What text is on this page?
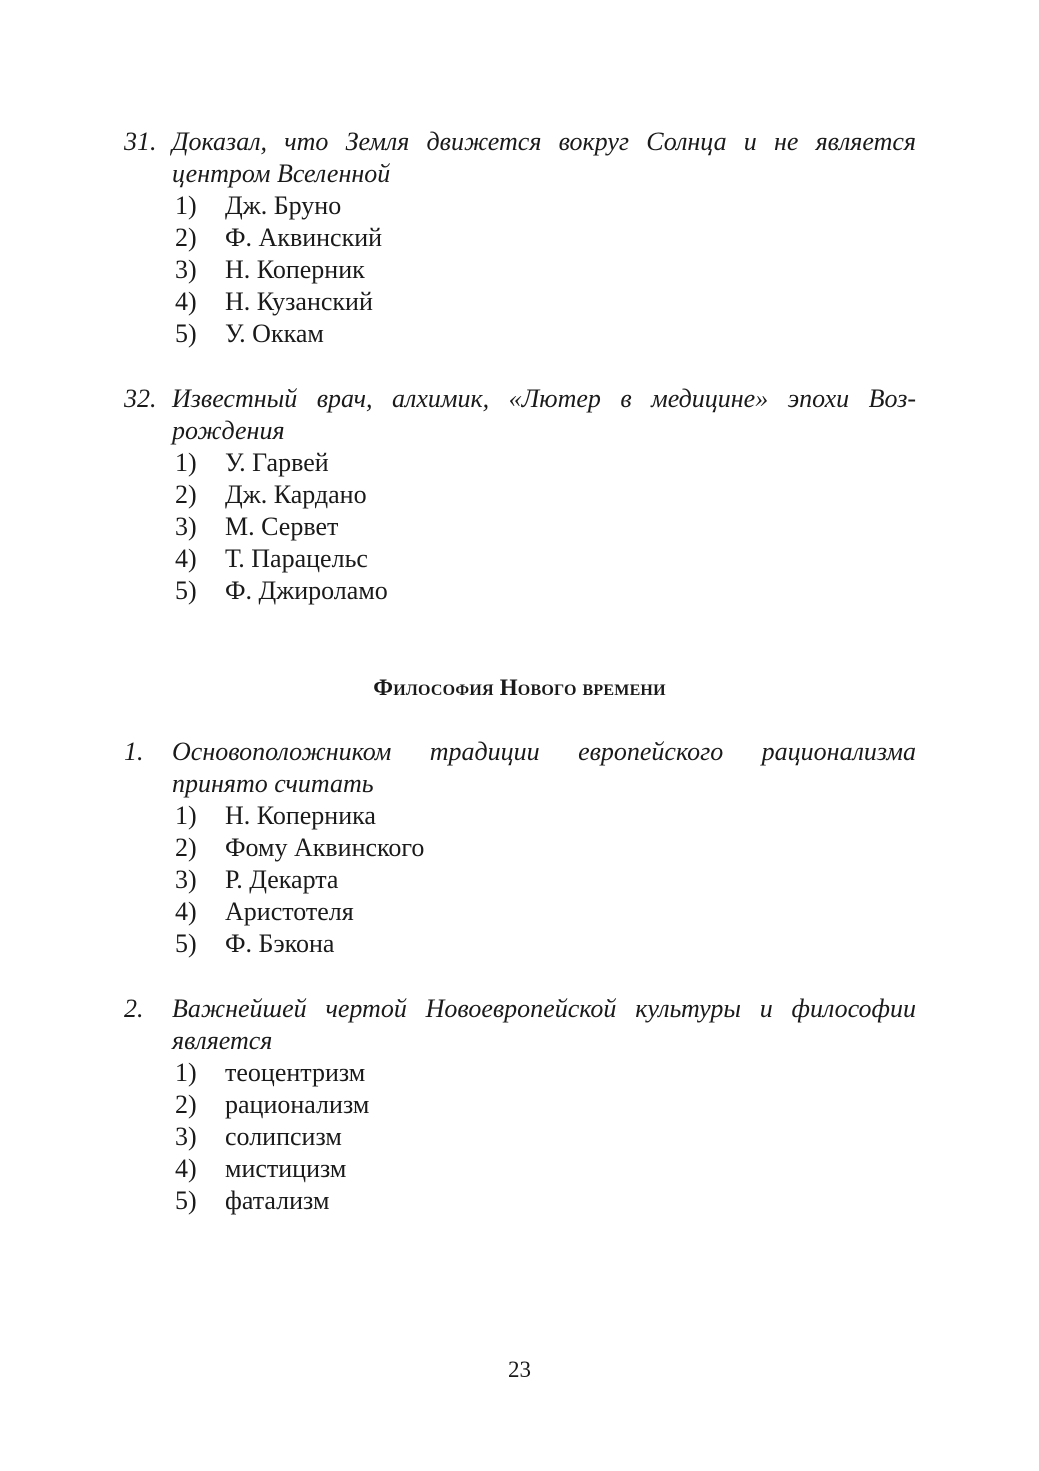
31. Доказал, что Земля движется вокруг Солнца и не является
центром Вселенной
1)	Дж. Бруно
2)	Ф. Аквинский
3)	Н. Коперник
4)	Н. Кузанский
5)	У. Оккам
32. Известный врач, алхимик, «Лютер в медицине» эпохи Воз-
рождения
1)	У. Гарвей
2)	Дж. Кардано
3)	М. Сервет
4)	Т. Парацельс
5)	Ф. Джироламо
Философия Нового времени
1.	Основоположником традиции европейского рационализма
принято считать
1)	Н. Коперника
2)	Фому Аквинского
3)	Р. Декарта
4)	Аристотеля
5)	Ф. Бэкона
2.	Важнейшей чертой Новоевропейской культуры и философии
является
1)	теоцентризм
2)	рационализм
3)	солипсизм
4)	мистицизм
5)	фатализм
23
